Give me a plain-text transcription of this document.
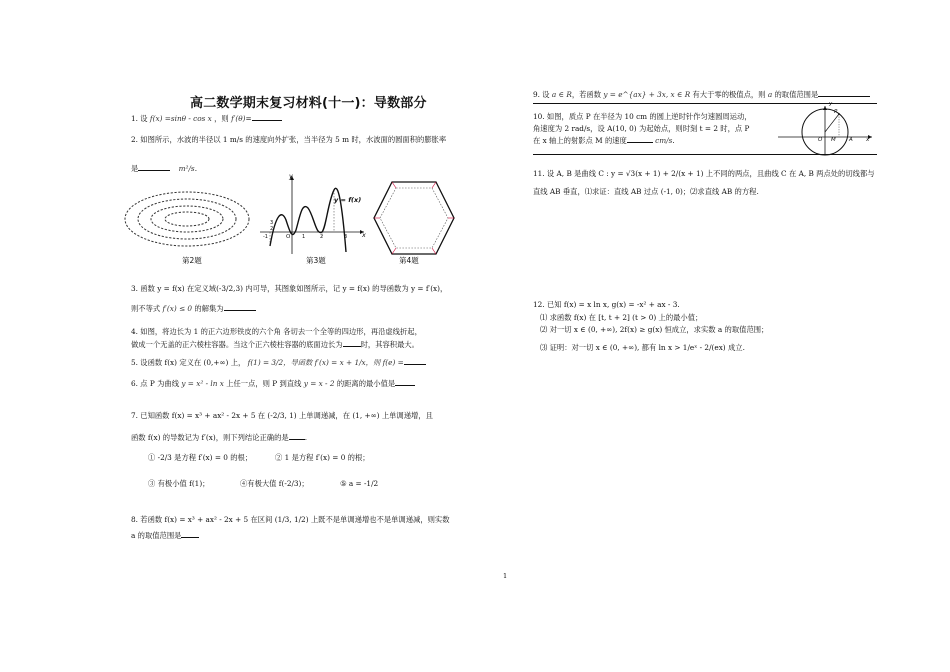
高二数学期末复习材料(十一)：导数部分
1. 设 f(x) =sinθ - cos x ，则 f′(θ)=
2. 如图所示，水波的半径以 1 m/s 的速度向外扩张，当半径为 5 m 时，水波面的圆面积的膨胀率
是	m²/s.
第2题
y
x
y = f(x)
O
3
2
-1	1	2	3
第3题	第4题
3. 函数 y = f(x) 在定义域(-3/2,3) 内可导，其图象如图所示，记 y = f(x) 的导函数为 y = f′(x)，
则不等式 f′(x) ≤ 0 的解集为
4. 如图，将边长为 1 的正六边形铁皮的六个角 各切去一个全等的四边形，再沿虚线折起，
做成一个无盖的正六棱柱容器。当这个正六棱柱容器的底面边长为 时，其容积最大。
5. 设函数 f(x) 定义在 (0,+∞) 上， f(1) = 3/2，导函数 f′(x) = x + 1/x，则 f(e) =
6. 点 P 为曲线 y = x² - ln x 上任一点，则 P 到直线 y = x - 2 的距离的最小值是
7. 已知函数 f(x) = x³ + ax² - 2x + 5 在 (-2/3, 1) 上单调递减，在 (1, +∞) 上单调递增，且
函数 f(x) 的导数记为 f′(x)，则下列结论正确的是 .
① -2/3 是方程 f′(x) = 0 的根；	② 1 是方程 f′(x) = 0 的根；
③ 有极小值 f(1)；	④有极大值 f(-2/3)；	⑤ a = -1/2
8. 若函数 f(x) = x³ + ax² - 2x + 5 在区间 (1/3, 1/2) 上既不是单调递增也不是单调递减，则实数
a 的取值范围是
9. 设 a ∈ R，若函数 y = e^{ax} + 3x, x ∈ R 有大于零的极值点，则 a 的取值范围是
10. 如图，质点 P 在半径为 10 cm 的圆上逆时针作匀速圆周运动，
角速度为 2 rad/s，设 A(10, 0) 为起始点，则时刻 t = 2 时，点 P
在 x 轴上的射影点 M 的速度	cm/s.
P
O M A x
y
11. 设 A, B 是曲线 C : y = √3(x + 1) + 2/(x + 1) 上不同的两点，且曲线 C 在 A, B 两点处的切线都与
直线 AB 垂直，⑴求证：直线 AB 过点 (-1, 0)；⑵求直线 AB 的方程.
12. 已知 f(x) = x ln x, g(x) = -x² + ax - 3.
⑴ 求函数 f(x) 在 [t, t + 2] (t > 0) 上的最小值；
⑵ 对一切 x ∈ (0, +∞), 2f(x) ≥ g(x) 恒成立，求实数 a 的取值范围；
⑶ 证明：对一切 x ∈ (0, +∞), 都有 ln x > 1/eˣ - 2/(ex) 成立.
1
